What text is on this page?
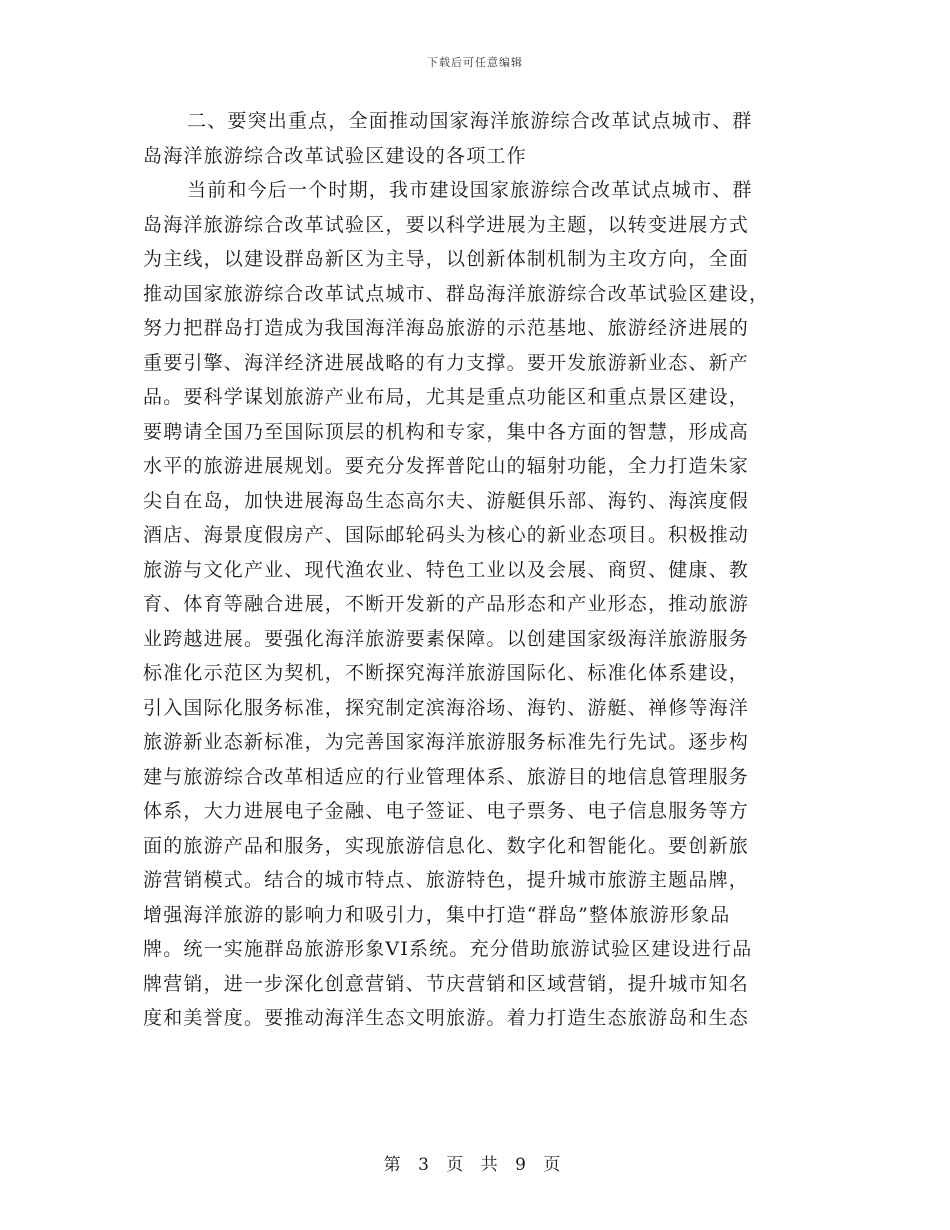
下载后可任意编辑
二、要突出重点，全面推动国家海洋旅游综合改革试点城市、群
岛海洋旅游综合改革试验区建设的各项工作
当前和今后一个时期，我市建设国家旅游综合改革试点城市、群
岛海洋旅游综合改革试验区，要以科学进展为主题，以转变进展方式
为主线，以建设群岛新区为主导，以创新体制机制为主攻方向，全面
推动国家旅游综合改革试点城市、群岛海洋旅游综合改革试验区建设，
努力把群岛打造成为我国海洋海岛旅游的示范基地、旅游经济进展的
重要引擎、海洋经济进展战略的有力支撑。要开发旅游新业态、新产
品。要科学谋划旅游产业布局，尤其是重点功能区和重点景区建设，
要聘请全国乃至国际顶层的机构和专家，集中各方面的智慧，形成高
水平的旅游进展规划。要充分发挥普陀山的辐射功能，全力打造朱家
尖自在岛，加快进展海岛生态高尔夫、游艇俱乐部、海钓、海滨度假
酒店、海景度假房产、国际邮轮码头为核心的新业态项目。积极推动
旅游与文化产业、现代渔农业、特色工业以及会展、商贸、健康、教
育、体育等融合进展，不断开发新的产品形态和产业形态，推动旅游
业跨越进展。要强化海洋旅游要素保障。以创建国家级海洋旅游服务
标准化示范区为契机，不断探究海洋旅游国际化、标准化体系建设，
引入国际化服务标准，探究制定滨海浴场、海钓、游艇、禅修等海洋
旅游新业态新标准，为完善国家海洋旅游服务标准先行先试。逐步构
建与旅游综合改革相适应的行业管理体系、旅游目的地信息管理服务
体系，大力进展电子金融、电子签证、电子票务、电子信息服务等方
面的旅游产品和服务，实现旅游信息化、数字化和智能化。要创新旅
游营销模式。结合的城市特点、旅游特色，提升城市旅游主题品牌，
增强海洋旅游的影响力和吸引力，集中打造“群岛”整体旅游形象品
牌。统一实施群岛旅游形象VI系统。充分借助旅游试验区建设进行品
牌营销，进一步深化创意营销、节庆营销和区域营销，提升城市知名
度和美誉度。要推动海洋生态文明旅游。着力打造生态旅游岛和生态
第 3 页 共 9 页
